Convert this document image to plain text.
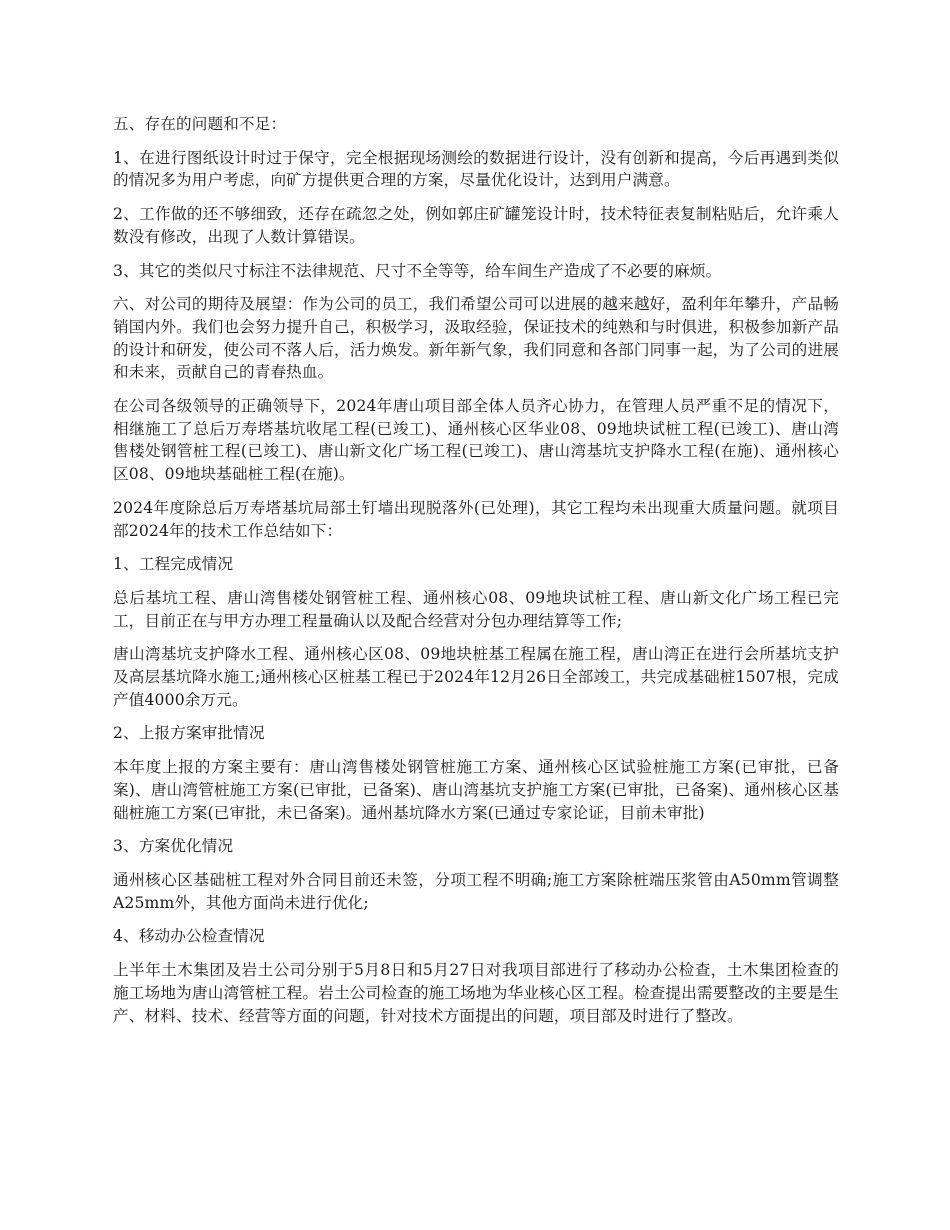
五、存在的问题和不足：

1、在进行图纸设计时过于保守，完全根据现场测绘的数据进行设计，没有创新和提高，今后再遇到类似的情况多为用户考虑，向矿方提供更合理的方案，尽量优化设计，达到用户满意。

2、工作做的还不够细致，还存在疏忽之处，例如郭庄矿罐笼设计时，技术特征表复制粘贴后，允许乘人数没有修改，出现了人数计算错误。

3、其它的类似尺寸标注不法律规范、尺寸不全等等，给车间生产造成了不必要的麻烦。

六、对公司的期待及展望：作为公司的员工，我们希望公司可以进展的越来越好，盈利年年攀升，产品畅销国内外。我们也会努力提升自己，积极学习，汲取经验，保证技术的纯熟和与时俱进，积极参加新产品的设计和研发，使公司不落人后，活力焕发。新年新气象，我们同意和各部门同事一起，为了公司的进展和未来，贡献自己的青春热血。

在公司各级领导的正确领导下，2024年唐山项目部全体人员齐心协力，在管理人员严重不足的情况下，相继施工了总后万寿塔基坑收尾工程(已竣工)、通州核心区华业08、09地块试桩工程(已竣工)、唐山湾售楼处钢管桩工程(已竣工)、唐山新文化广场工程(已竣工)、唐山湾基坑支护降水工程(在施)、通州核心区08、09地块基础桩工程(在施)。

2024年度除总后万寿塔基坑局部土钉墙出现脱落外(已处理)，其它工程均未出现重大质量问题。就项目部2024年的技术工作总结如下：

1、工程完成情况

总后基坑工程、唐山湾售楼处钢管桩工程、通州核心08、09地块试桩工程、唐山新文化广场工程已完工，目前正在与甲方办理工程量确认以及配合经营对分包办理结算等工作;

唐山湾基坑支护降水工程、通州核心区08、09地块桩基工程属在施工程，唐山湾正在进行会所基坑支护及高层基坑降水施工;通州核心区桩基工程已于2024年12月26日全部竣工，共完成基础桩1507根，完成产值4000余万元。

2、上报方案审批情况

本年度上报的方案主要有：唐山湾售楼处钢管桩施工方案、通州核心区试验桩施工方案(已审批，已备案)、唐山湾管桩施工方案(已审批，已备案)、唐山湾基坑支护施工方案(已审批，已备案)、通州核心区基础桩施工方案(已审批，未已备案)。通州基坑降水方案(已通过专家论证，目前未审批)

3、方案优化情况

通州核心区基础桩工程对外合同目前还未签，分项工程不明确;施工方案除桩端压浆管由A50mm管调整A25mm外，其他方面尚未进行优化;

4、移动办公检查情况

上半年土木集团及岩土公司分别于5月8日和5月27日对我项目部进行了移动办公检查，土木集团检查的施工场地为唐山湾管桩工程。岩土公司检查的施工场地为华业核心区工程。检查提出需要整改的主要是生产、材料、技术、经营等方面的问题，针对技术方面提出的问题，项目部及时进行了整改。
